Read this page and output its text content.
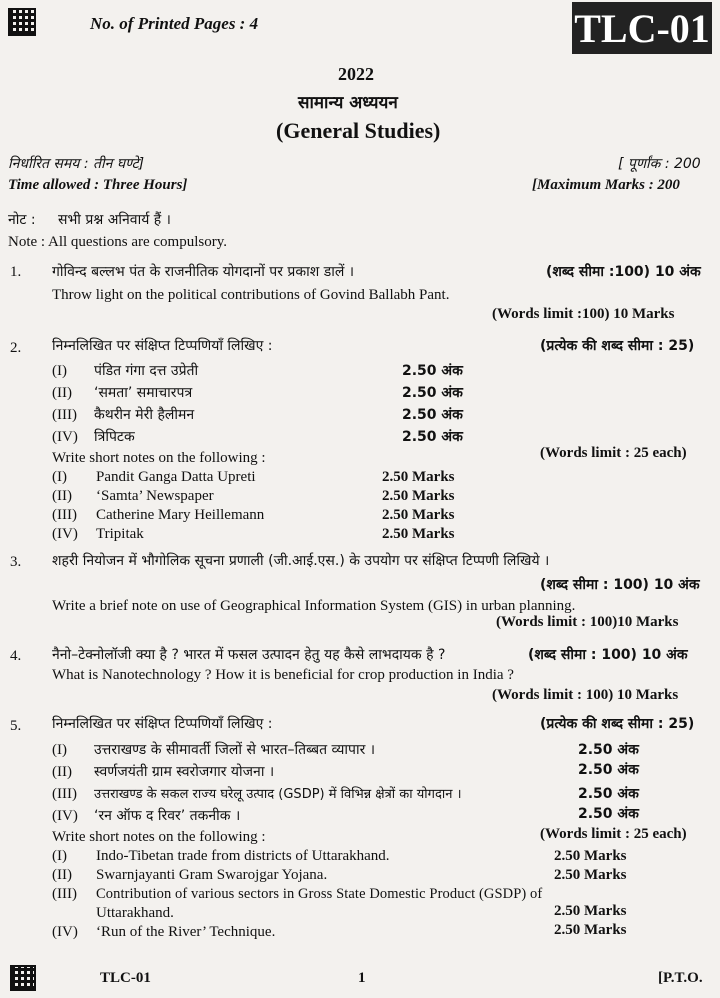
No. of Printed Pages : 4	TLC-01
2022
सामान्य अध्ययन
(General Studies)
निर्धारित समय : तीन घण्टे]	[ पूर्णांक : 200
Time allowed : Three Hours]	[Maximum Marks : 200
नोट : सभी प्रश्न अनिवार्य हैं ।
Note : All questions are compulsory.
1. गोविन्द बल्लभ पंत के राजनीतिक योगदानों पर प्रकाश डालें ।	(शब्द सीमा :100) 10 अंक
Throw light on the political contributions of Govind Ballabh Pant.
(Words limit :100) 10 Marks
2. निम्नलिखित पर संक्षिप्त टिप्पणियाँ लिखिए :	(प्रत्येक की शब्द सीमा : 25)
(I) पंडित गंगा दत्त उप्रेती	2.50 अंक
(II) ‘समता’ समाचारपत्र	2.50 अंक
(III) कैथरीन मेरी हैलीमन	2.50 अंक
(IV) त्रिपिटक	2.50 अंक
Write short notes on the following :	(Words limit : 25 each)
(I) Pandit Ganga Datta Upreti	2.50 Marks
(II) ‘Samta’ Newspaper	2.50 Marks
(III) Catherine Mary Heillemann	2.50 Marks
(IV) Tripitak	2.50 Marks
3. शहरी नियोजन में भौगोलिक सूचना प्रणाली (जी.आई.एस.) के उपयोग पर संक्षिप्त टिप्पणी लिखिये ।
(शब्द सीमा : 100) 10 अंक
Write a brief note on use of Geographical Information System (GIS) in urban planning.
(Words limit : 100)10 Marks
4. नैनो–टेक्नोलॉजी क्या है ? भारत में फसल उत्पादन हेतु यह कैसे लाभदायक है ?	(शब्द सीमा : 100) 10 अंक
What is Nanotechnology ? How it is beneficial for crop production in India ?
(Words limit : 100) 10 Marks
5. निम्नलिखित पर संक्षिप्त टिप्पणियाँ लिखिए :	(प्रत्येक की शब्द सीमा : 25)
(I) उत्तराखण्ड के सीमावर्ती जिलों से भारत–तिब्बत व्यापार ।	2.50 अंक
(II) स्वर्णजयंती ग्राम स्वरोजगार योजना ।	2.50 अंक
(III) उत्तराखण्ड के सकल राज्य घरेलू उत्पाद (GSDP) में विभिन्न क्षेत्रों का योगदान ।	2.50 अंक
(IV) ‘रन ऑफ द रिवर’ तकनीक ।	2.50 अंक
Write short notes on the following :	(Words limit : 25 each)
(I) Indo-Tibetan trade from districts of Uttarakhand.	2.50 Marks
(II) Swarnjayanti Gram Swarojgar Yojana.	2.50 Marks
(III) Contribution of various sectors in Gross State Domestic Product (GSDP) of
Uttarakhand.	2.50 Marks
(IV) ‘Run of the River’ Technique.	2.50 Marks
TLC-01	1	[P.T.O.
